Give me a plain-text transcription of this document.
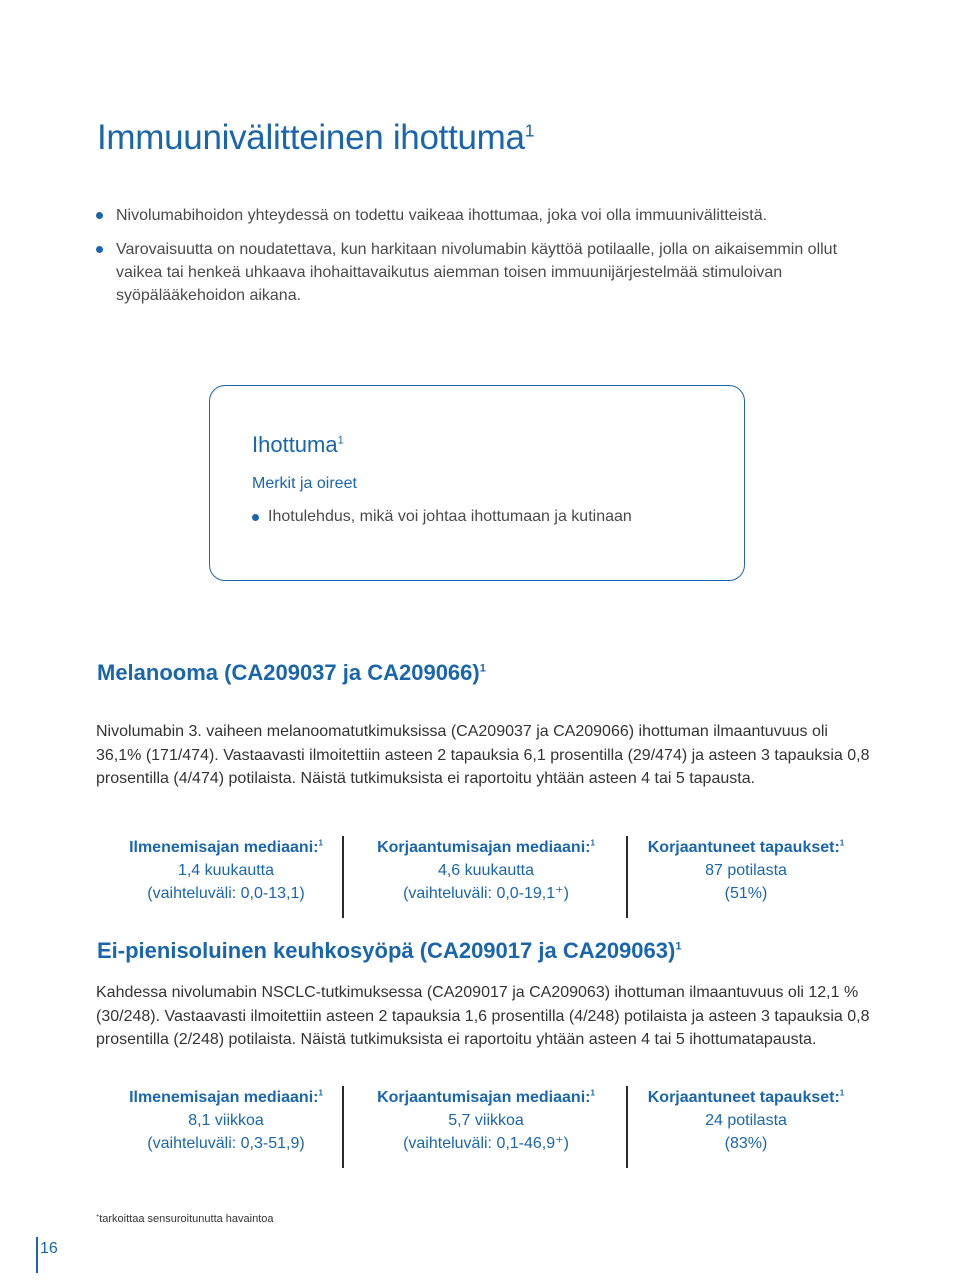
Immuunivälitteinen ihottuma$^1$
Nivolumabihoidon yhteydessä on todettu vaikeaa ihottumaa, joka voi olla immuunivälitteistä.
Varovaisuutta on noudatettava, kun harkitaan nivolumabin käyttöä potilaalle, jolla on aikaisemmin ollut vaikea tai henkeä uhkaava ihohaittavaikutus aiemman toisen immuunijärjestelmää stimuloivan syöpälääkehoidon aikana.
Ihottuma$^1$
Merkit ja oireet
Ihotulehdus, mikä voi johtaa ihottumaan ja kutinaan
Melanooma (CA209037 ja CA209066)$^1$

Nivolumabin 3. vaiheen melanoomatutkimuksissa (CA209037 ja CA209066) ihottuman ilmaantuvuus oli 36,1% (171/474). Vastaavasti ilmoitettiin asteen 2 tapauksia 6,1 prosentilla (29/474) ja asteen 3 tapauksia 0,8 prosentilla (4/474) potilaista. Näistä tutkimuksista ei raportoitu yhtään asteen 4 tai 5 tapausta.

Ilmenemisajan mediaani:$^1$
1,4 kuukautta
(vaihteluväli: 0,0-13,1)
Korjaantumisajan mediaani:$^1$
4,6 kuukautta
(vaihteluväli: 0,0-19,1⁺)
Korjaantuneet tapaukset:$^1$
87 potilasta
(51%)
Ei-pienisoluinen keuhkosyöpä (CA209017 ja CA209063)$^1$

Kahdessa nivolumabin NSCLC-tutkimuksessa (CA209017 ja CA209063) ihottuman ilmaantuvuus oli 12,1 % (30/248). Vastaavasti ilmoitettiin asteen 2 tapauksia 1,6 prosentilla (4/248) potilaista ja asteen 3 tapauksia 0,8 prosentilla (2/248) potilaista. Näistä tutkimuksista ei raportoitu yhtään asteen 4 tai 5 ihottumatapausta.

Ilmenemisajan mediaani:$^1$
8,1 viikkoa
(vaihteluväli: 0,3-51,9)
Korjaantumisajan mediaani:$^1$
5,7 viikkoa
(vaihteluväli: 0,1-46,9⁺)
Korjaantuneet tapaukset:$^1$
24 potilasta
(83%)
+tarkoittaa sensuroitunutta havaintoa
16
